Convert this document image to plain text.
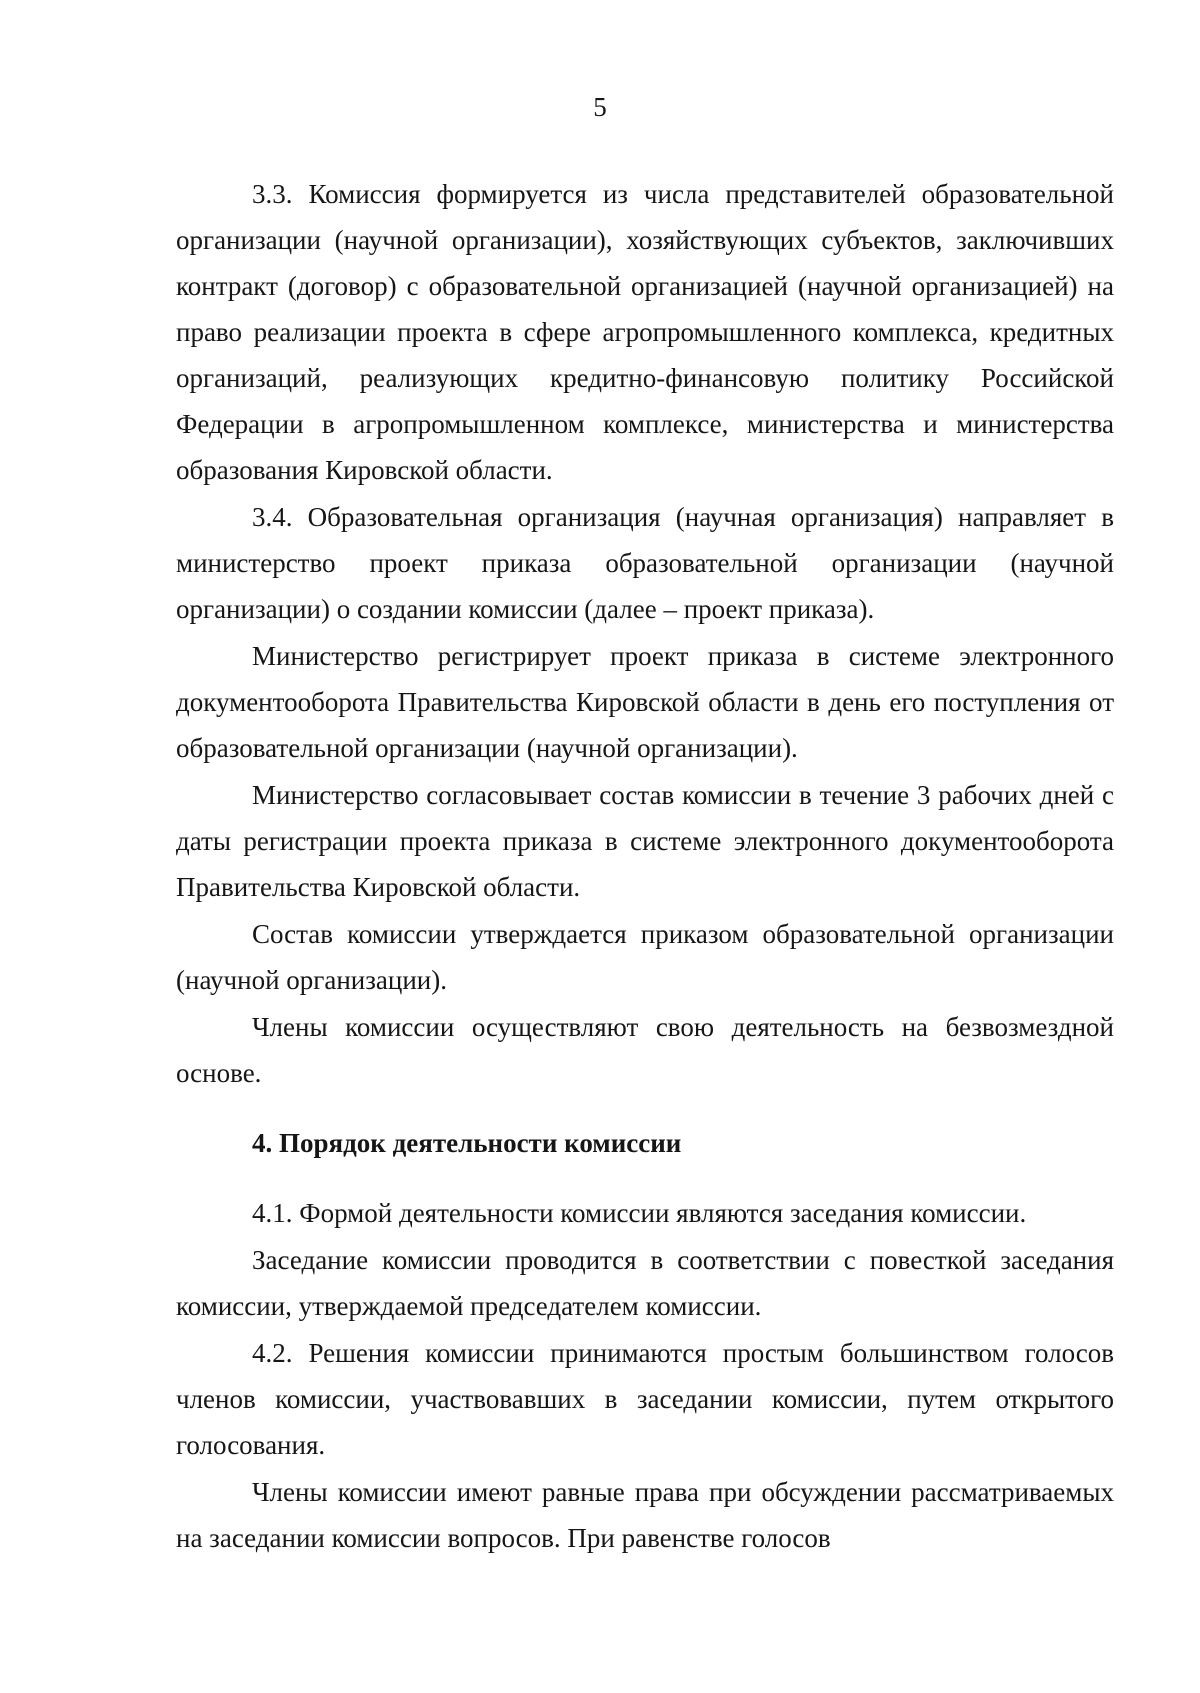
5

3.3. Комиссия формируется из числа представителей образовательной организации (научной организации), хозяйствующих субъектов, заключивших контракт (договор) с образовательной организацией (научной организацией) на право реализации проекта в сфере агропромышленного комплекса, кредитных организаций, реализующих кредитно-финансовую политику Российской Федерации в агропромышленном комплексе, министерства и министерства образования Кировской области.

3.4. Образовательная организация (научная организация) направляет в министерство проект приказа образовательной организации (научной организации) о создании комиссии (далее – проект приказа).

Министерство регистрирует проект приказа в системе электронного документооборота Правительства Кировской области в день его поступления от образовательной организации (научной организации).

Министерство согласовывает состав комиссии в течение 3 рабочих дней с даты регистрации проекта приказа в системе электронного документооборота Правительства Кировской области.

Состав комиссии утверждается приказом образовательной организации (научной организации).

Члены комиссии осуществляют свою деятельность на безвозмездной основе.

4. Порядок деятельности комиссии

4.1. Формой деятельности комиссии являются заседания комиссии.

Заседание комиссии проводится в соответствии с повесткой заседания комиссии, утверждаемой председателем комиссии.

4.2. Решения комиссии принимаются простым большинством голосов членов комиссии, участвовавших в заседании комиссии, путем открытого голосования.

Члены комиссии имеют равные права при обсуждении рассматриваемых на заседании комиссии вопросов. При равенстве голосов
